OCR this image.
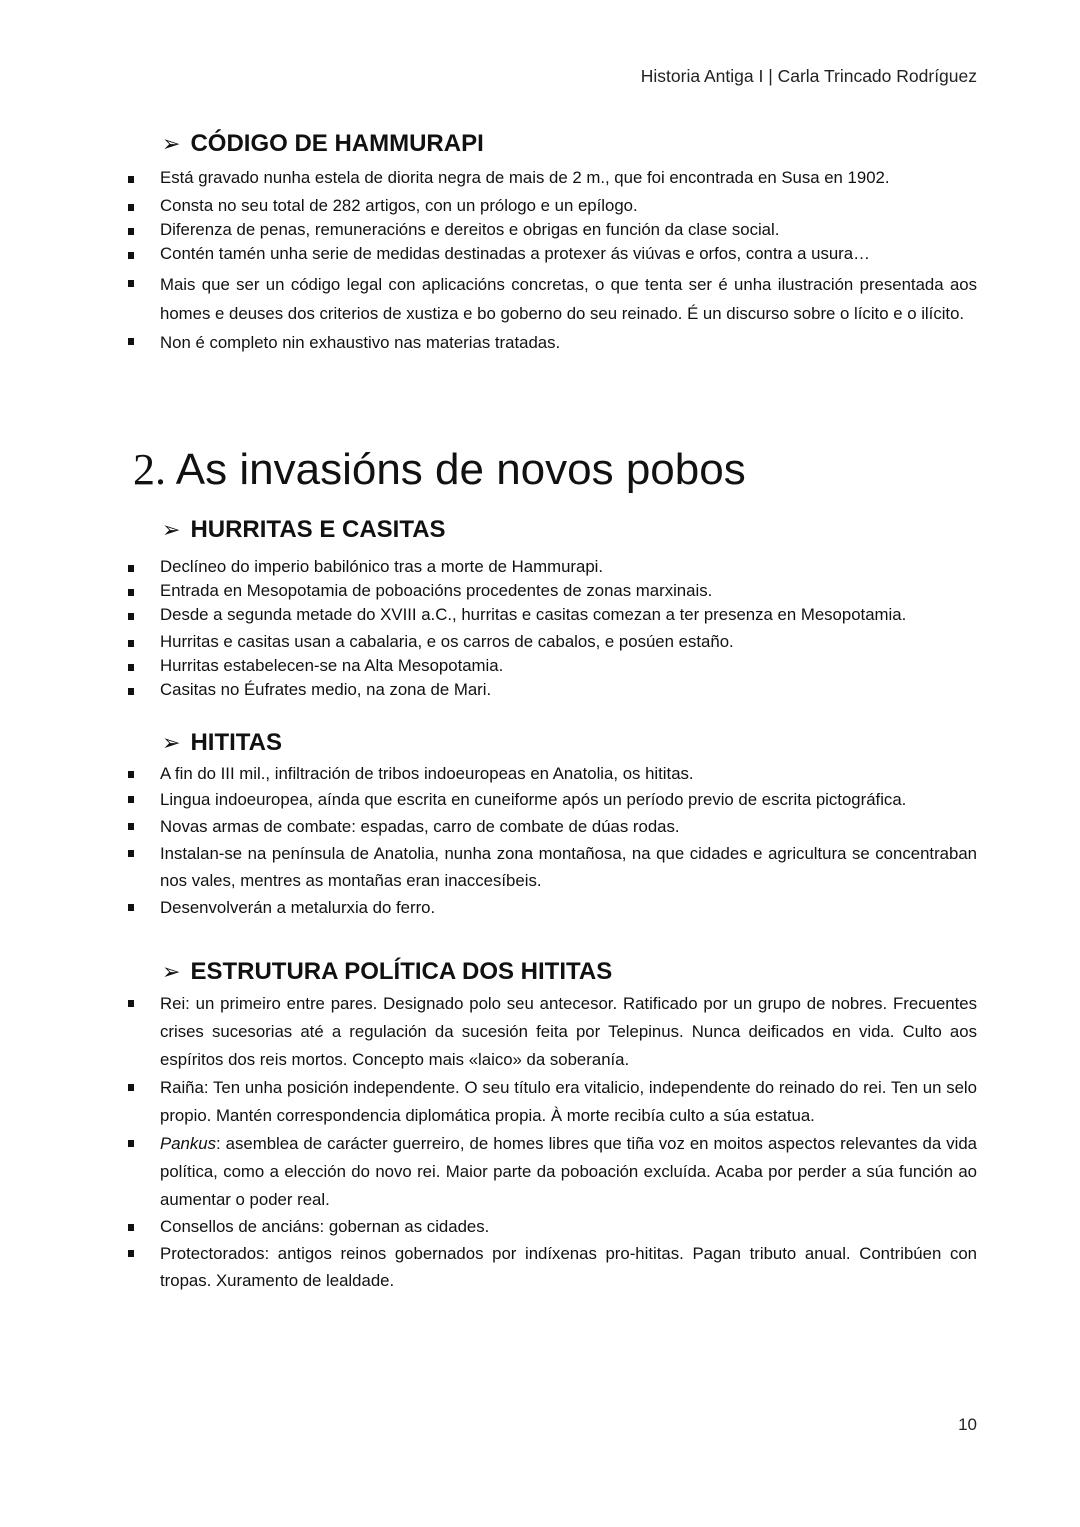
Historia Antiga I | Carla Trincado Rodríguez
➢ CÓDIGO DE HAMMURAPI
Está gravado nunha estela de diorita negra de mais de 2 m., que foi encontrada en Susa en 1902.
Consta no seu total de 282 artigos, con un prólogo e un epílogo.
Diferenza de penas, remuneracións e dereitos e obrigas en función da clase social.
Contén tamén unha serie de medidas destinadas a protexer ás viúvas e orfos, contra a usura…
Mais que ser un código legal con aplicacións concretas, o que tenta ser é unha ilustración presentada aos homes e deuses dos criterios de xustiza e bo goberno do seu reinado. É un discurso sobre o lícito e o ilícito.
Non é completo nin exhaustivo nas materias tratadas.
2. As invasións de novos pobos
➢ HURRITAS E CASITAS
Declíneo do imperio babilónico tras a morte de Hammurapi.
Entrada en Mesopotamia de poboacións procedentes de zonas marxinais.
Desde a segunda metade do XVIII a.C., hurritas e casitas comezan a ter presenza en Mesopotamia.
Hurritas e casitas usan a cabalaria, e os carros de cabalos, e posúen estaño.
Hurritas estabelecen-se na Alta Mesopotamia.
Casitas no Éufrates medio, na zona de Mari.
➢ HITITAS
A fin do III mil., infiltración de tribos indoeuropeas en Anatolia, os hititas.
Lingua indoeuropea, aínda que escrita en cuneiforme após un período previo de escrita pictográfica.
Novas armas de combate: espadas, carro de combate de dúas rodas.
Instalan-se na península de Anatolia, nunha zona montañosa, na que cidades e agricultura se concentraban nos vales, mentres as montañas eran inaccesíbeis.
Desenvolverán a metalurxia do ferro.
➢ ESTRUTURA POLÍTICA DOS HITITAS
Rei: un primeiro entre pares. Designado polo seu antecesor. Ratificado por un grupo de nobres. Frecuentes crises sucesorias até a regulación da sucesión feita por Telepinus. Nunca deificados en vida. Culto aos espíritos dos reis mortos. Concepto mais «laico» da soberanía.
Raiña: Ten unha posición independente. O seu título era vitalicio, independente do reinado do rei. Ten un selo propio. Mantén correspondencia diplomática propia. À morte recibía culto a súa estatua.
Pankus: asemblea de carácter guerreiro, de homes libres que tiña voz en moitos aspectos relevantes da vida política, como a elección do novo rei. Maior parte da poboación excluída. Acaba por perder a súa función ao aumentar o poder real.
Consellos de anciáns: gobernan as cidades.
Protectorados: antigos reinos gobernados por indíxenas pro-hititas. Pagan tributo anual. Contribúen con tropas. Xuramento de lealdade.
10
